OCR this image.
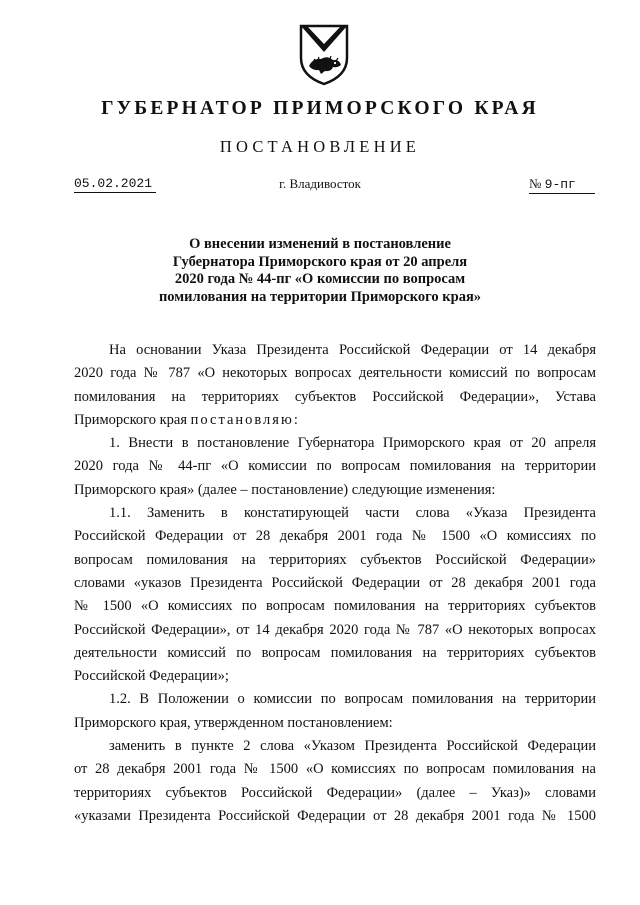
ГУБЕРНАТОР ПРИМОРСКОГО КРАЯ
ПОСТАНОВЛЕНИЕ
05.02.2021	г. Владивосток	№ 9-пг
О внесении изменений в постановление
Губернатора Приморского края от 20 апреля
2020 года № 44-пг «О комиссии по вопросам
помилования на территории Приморского края»
На основании Указа Президента Российской Федерации от 14 декабря
2020 года № 787 «О некоторых вопросах деятельности комиссий по вопросам
помилования на территориях субъектов Российской Федерации», Устава
Приморского края постановляю:
1. Внести в постановление Губернатора Приморского края от 20 апреля
2020 года № 44-пг «О комиссии по вопросам помилования на территории
Приморского края» (далее – постановление) следующие изменения:
1.1. Заменить в констатирующей части слова «Указа Президента
Российской Федерации от 28 декабря 2001 года № 1500 «О комиссиях по
вопросам помилования на территориях субъектов Российской Федерации»
словами «указов Президента Российской Федерации от 28 декабря 2001 года
№ 1500 «О комиссиях по вопросам помилования на территориях субъектов
Российской Федерации», от 14 декабря 2020 года № 787 «О некоторых вопросах
деятельности комиссий по вопросам помилования на территориях субъектов
Российской Федерации»;
1.2. В Положении о комиссии по вопросам помилования на территории
Приморского края, утвержденном постановлением:
заменить в пункте 2 слова «Указом Президента Российской Федерации
от 28 декабря 2001 года № 1500 «О комиссиях по вопросам помилования на
территориях субъектов Российской Федерации» (далее – Указ)» словами
«указами Президента Российской Федерации от 28 декабря 2001 года № 1500
